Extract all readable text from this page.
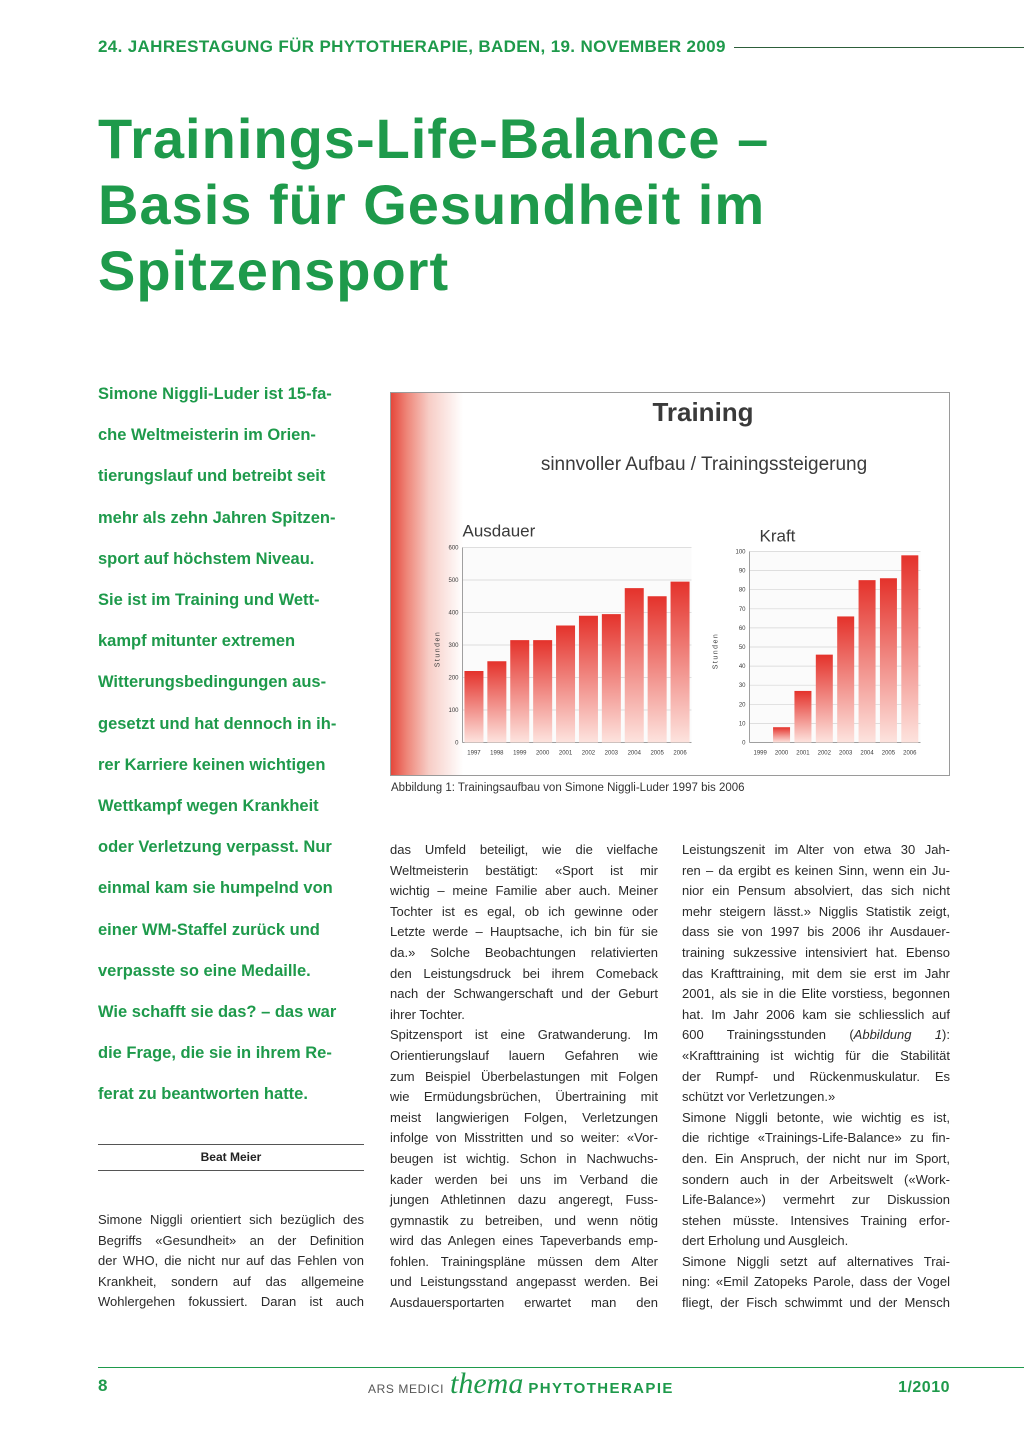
24. JAHRESTAGUNG FÜR PHYTOTHERAPIE, BADEN, 19. NOVEMBER 2009
Trainings-Life-Balance –
Basis für Gesundheit im
Spitzensport
Simone Niggli-Luder ist 15-fa-
che Weltmeisterin im Orien-
tierungslauf und betreibt seit
mehr als zehn Jahren Spitzen-
sport auf höchstem Niveau.
Sie ist im Training und Wett-
kampf mitunter extremen
Witterungsbedingungen aus-
gesetzt und hat dennoch in ih-
rer Karriere keinen wichtigen
Wettkampf wegen Krankheit
oder Verletzung verpasst. Nur
einmal kam sie humpelnd von
einer WM-Staffel zurück und
verpasste so eine Medaille.
Wie schafft sie das? – das war
die Frage, die sie in ihrem Re-
ferat zu beantworten hatte.
Beat Meier
Simone Niggli orientiert sich bezüglich des
Begriffs «Gesundheit» an der Definition
der WHO, die nicht nur auf das Fehlen von
Krankheit, sondern auf das allgemeine
Wohlergehen fokussiert. Daran ist auch
das Umfeld beteiligt, wie die vielfache
Weltmeisterin bestätigt: «Sport ist mir
wichtig – meine Familie aber auch. Meiner
Tochter ist es egal, ob ich gewinne oder
Letzte werde – Hauptsache, ich bin für sie
da.» Solche Beobachtungen relativierten
den Leistungsdruck bei ihrem Comeback
nach der Schwangerschaft und der Geburt
ihrer Tochter.
Spitzensport ist eine Gratwanderung. Im
Orientierungslauf lauern Gefahren wie
zum Beispiel Überbelastungen mit Folgen
wie Ermüdungsbrüchen, Übertraining mit
meist langwierigen Folgen, Verletzungen
infolge von Misstritten und so weiter: «Vor-
beugen ist wichtig. Schon in Nachwuchs-
kader werden bei uns im Verband die
jungen Athletinnen dazu angeregt, Fuss-
gymnastik zu betreiben, und wenn nötig
wird das Anlegen eines Tapeverbands emp-
fohlen. Trainingspläne müssen dem Alter
und Leistungsstand angepasst werden. Bei
Ausdauersportarten erwartet man den
Leistungszenit im Alter von etwa 30 Jah-
ren – da ergibt es keinen Sinn, wenn ein Ju-
nior ein Pensum absolviert, das sich nicht
mehr steigern lässt.» Nigglis Statistik zeigt,
dass sie von 1997 bis 2006 ihr Ausdauer-
training sukzessive intensiviert hat. Ebenso
das Krafttraining, mit dem sie erst im Jahr
2001, als sie in die Elite vorstiess, begonnen
hat. Im Jahr 2006 kam sie schliesslich auf
600 Trainingsstunden (Abbildung 1):
«Krafttraining ist wichtig für die Stabilität
der Rumpf- und Rückenmuskulatur. Es
schützt vor Verletzungen.»
Simone Niggli betonte, wie wichtig es ist,
die richtige «Trainings-Life-Balance» zu fin-
den. Ein Anspruch, der nicht nur im Sport,
sondern auch in der Arbeitswelt («Work-
Life-Balance») vermehrt zur Diskussion
stehen müsste. Intensives Training erfor-
dert Erholung und Ausgleich.
Simone Niggli setzt auf alternatives Trai-
ning: «Emil Zatopeks Parole, dass der Vogel
fliegt, der Fisch schwimmt und der Mensch
Training
sinnvoller Aufbau / Trainingssteigerung
0
100
200
300
400
500
600
1997 1998 1999 2000 2001 2002 2003 2004 2005 2006
Ausdauer
Stunden
0
10
20
30
40
50
60
70
80
90
100
1999 2000 2001 2002 2003 2004 2005 2006
Kraft
Stunden
Abbildung 1: Trainingsaufbau von Simone Niggli-Luder 1997 bis 2006
8	ARS MEDICI thema PHYTOTHERAPIE	1/2010
